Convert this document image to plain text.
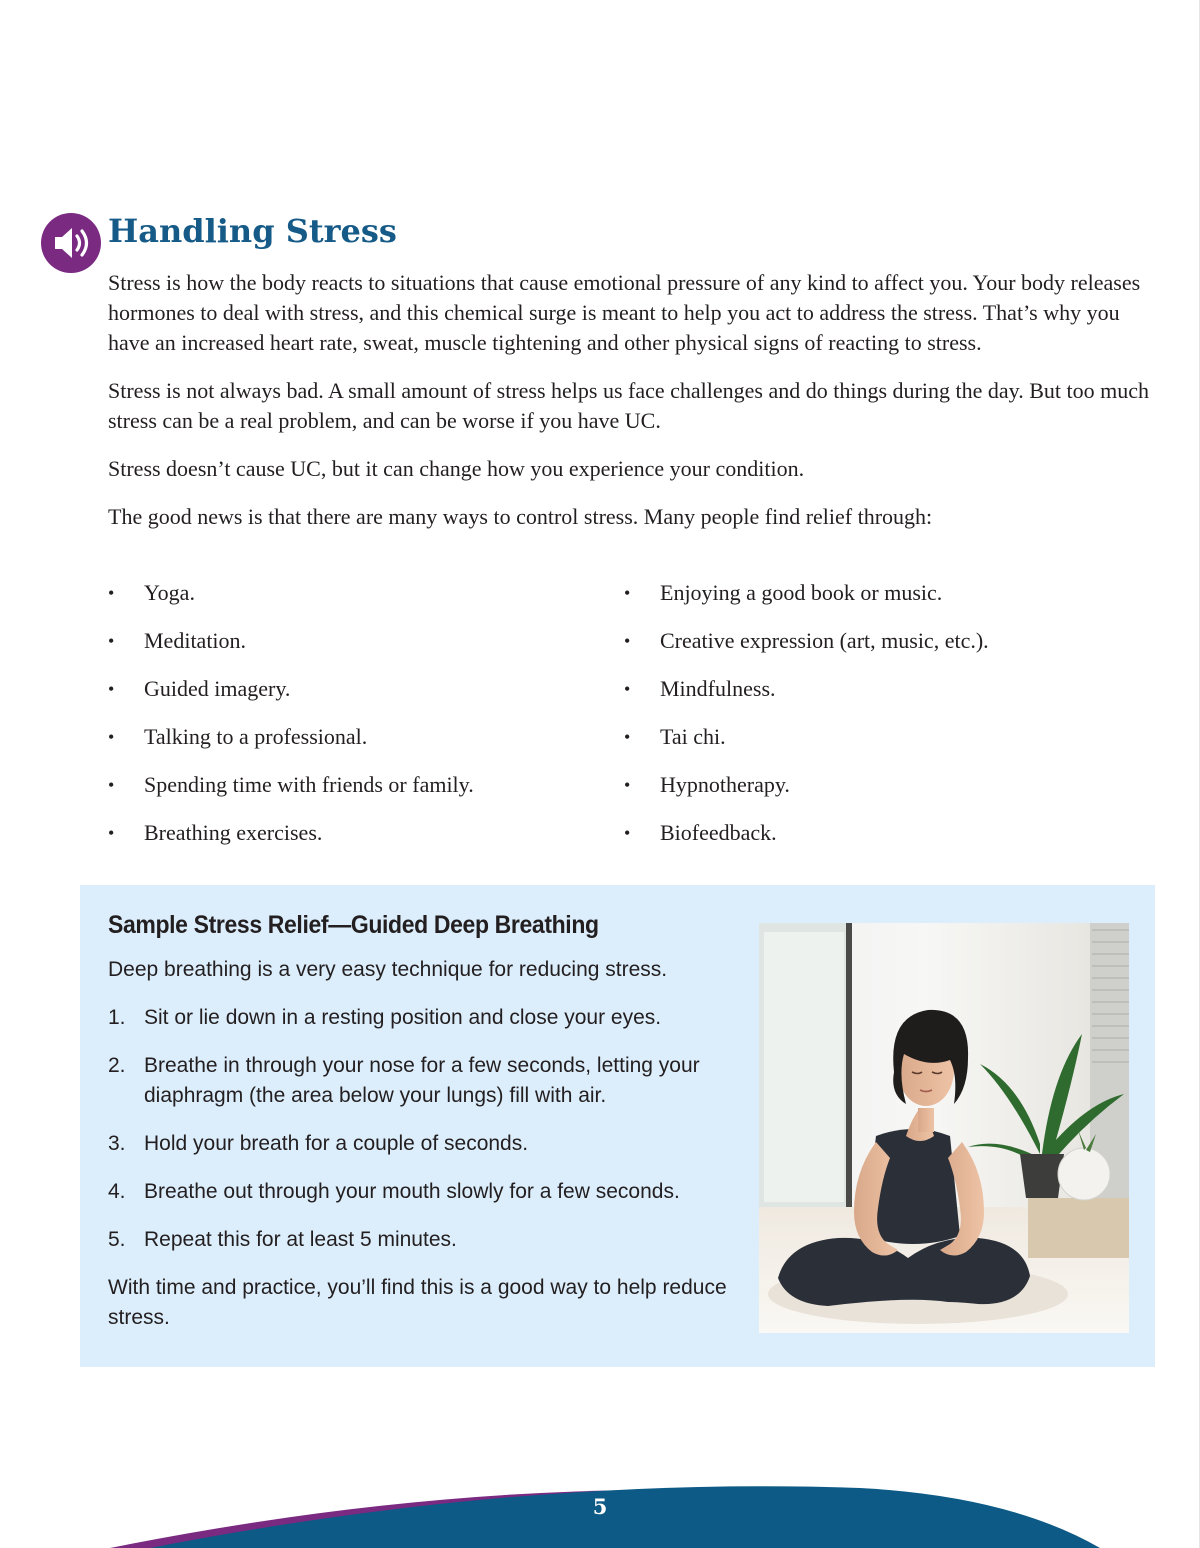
Handling Stress

Stress is how the body reacts to situations that cause emotional pressure of any kind to affect you. Your body releases hormones to deal with stress, and this chemical surge is meant to help you act to address the stress. That’s why you have an increased heart rate, sweat, muscle tightening and other physical signs of reacting to stress.

Stress is not always bad. A small amount of stress helps us face challenges and do things during the day. But too much stress can be a real problem, and can be worse if you have UC.

Stress doesn’t cause UC, but it can change how you experience your condition.

The good news is that there are many ways to control stress. Many people find relief through:

• Yoga.
• Meditation.
• Guided imagery.
• Talking to a professional.
• Spending time with friends or family.
• Breathing exercises.
• Enjoying a good book or music.
• Creative expression (art, music, etc.).
• Mindfulness.
• Tai chi.
• Hypnotherapy.
• Biofeedback.
Sample Stress Relief—Guided Deep Breathing

Deep breathing is a very easy technique for reducing stress.

1. Sit or lie down in a resting position and close your eyes.
2. Breathe in through your nose for a few seconds, letting your diaphragm (the area below your lungs) fill with air.
3. Hold your breath for a couple of seconds.
4. Breathe out through your mouth slowly for a few seconds.
5. Repeat this for at least 5 minutes.

With time and practice, you’ll find this is a good way to help reduce stress.

5
